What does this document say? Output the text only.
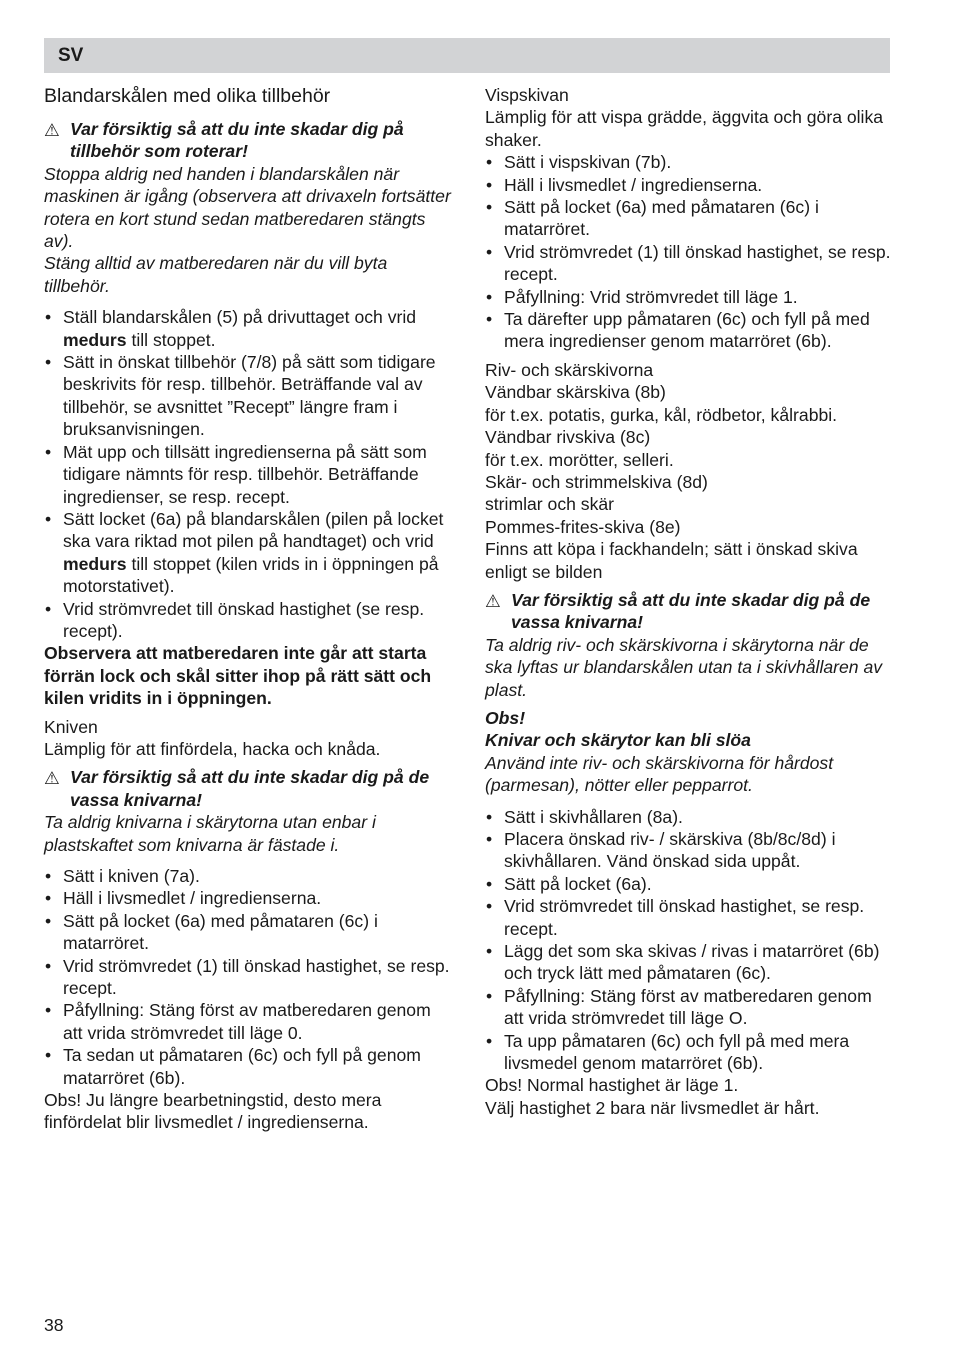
SV

Blandarskålen med olika tillbehör

⚠ Var försiktig så att du inte skadar dig på tillbehör som roterar!

Stoppa aldrig ned handen i blandarskålen när maskinen är igång (observera att drivaxeln fortsätter rotera en kort stund sedan matberedaren stängts av).

Stäng alltid av matberedaren när du vill byta tillbehör.

• Ställ blandarskålen (5) på drivuttaget och vrid medurs till stoppet.
• Sätt in önskat tillbehör (7/8) på sätt som tidigare beskrivits för resp. tillbehör. Beträffande val av tillbehör, se avsnittet ”Recept” längre fram i bruksanvisningen.
• Mät upp och tillsätt ingredienserna på sätt som tidigare nämnts för resp. tillbehör. Beträffande ingredienser, se resp. recept.
• Sätt locket (6a) på blandarskålen (pilen på locket ska vara riktad mot pilen på handtaget) och vrid medurs till stoppet (kilen vrids in i öppningen på motorstativet).
• Vrid strömvredet till önskad hastighet (se resp. recept).

Observera att matberedaren inte går att starta förrän lock och skål sitter ihop på rätt sätt och kilen vridits in i öppningen.

Kniven

Lämplig för att finfördela, hacka och knåda.

⚠ Var försiktig så att du inte skadar dig på de vassa knivarna!

Ta aldrig knivarna i skärytorna utan enbar i plastskaftet som knivarna är fästade i.

• Sätt i kniven (7a).
• Häll i livsmedlet / ingredienserna.
• Sätt på locket (6a) med påmataren (6c) i matarröret.
• Vrid strömvredet (1) till önskad hastighet, se resp. recept.
• Påfyllning: Stäng först av matberedaren genom att vrida strömvredet till läge 0.
• Ta sedan ut påmataren (6c) och fyll på genom matarröret (6b).

Obs! Ju längre bearbetningstid, desto mera finfördelat blir livsmedlet / ingredienserna.

Vispskivan

Lämplig för att vispa grädde, äggvita och göra olika shaker.

• Sätt i vispskivan (7b).
• Häll i livsmedlet / ingredienserna.
• Sätt på locket (6a) med påmataren (6c) i matarröret.
• Vrid strömvredet (1) till önskad hastighet, se resp. recept.
• Påfyllning: Vrid strömvredet till läge 1.
• Ta därefter upp påmataren (6c) och fyll på med mera ingredienser genom matarröret (6b).

Riv- och skärskivorna

Vändbar skärskiva (8b)

för t.ex. potatis, gurka, kål, rödbetor, kålrabbi.

Vändbar rivskiva (8c)

för t.ex. morötter, selleri.

Skär- och strimmelskiva (8d)

strimlar och skär

Pommes-frites-skiva (8e)

Finns att köpa i fackhandeln; sätt i önskad skiva enligt se bilden

⚠ Var försiktig så att du inte skadar dig på de vassa knivarna!

Ta aldrig riv- och skärskivorna i skärytorna när de ska lyftas ur blandarskålen utan ta i skivhållaren av plast.

Obs!

Knivar och skärytor kan bli slöa

Använd inte riv- och skärskivorna för hårdost (parmesan), nötter eller pepparrot.

• Sätt i skivhållaren (8a).
• Placera önskad riv- / skärskiva (8b/8c/8d) i skivhållaren. Vänd önskad sida uppåt.
• Sätt på locket (6a).
• Vrid strömvredet till önskad hastighet, se resp. recept.
• Lägg det som ska skivas / rivas i matarröret (6b) och tryck lätt med påmataren (6c).
• Påfyllning: Stäng först av matberedaren genom att vrida strömvredet till läge O.
• Ta upp påmataren (6c) och fyll på med mera livsmedel genom matarröret (6b).

Obs! Normal hastighet är läge 1.

Välj hastighet 2 bara när livsmedlet är hårt.

38
